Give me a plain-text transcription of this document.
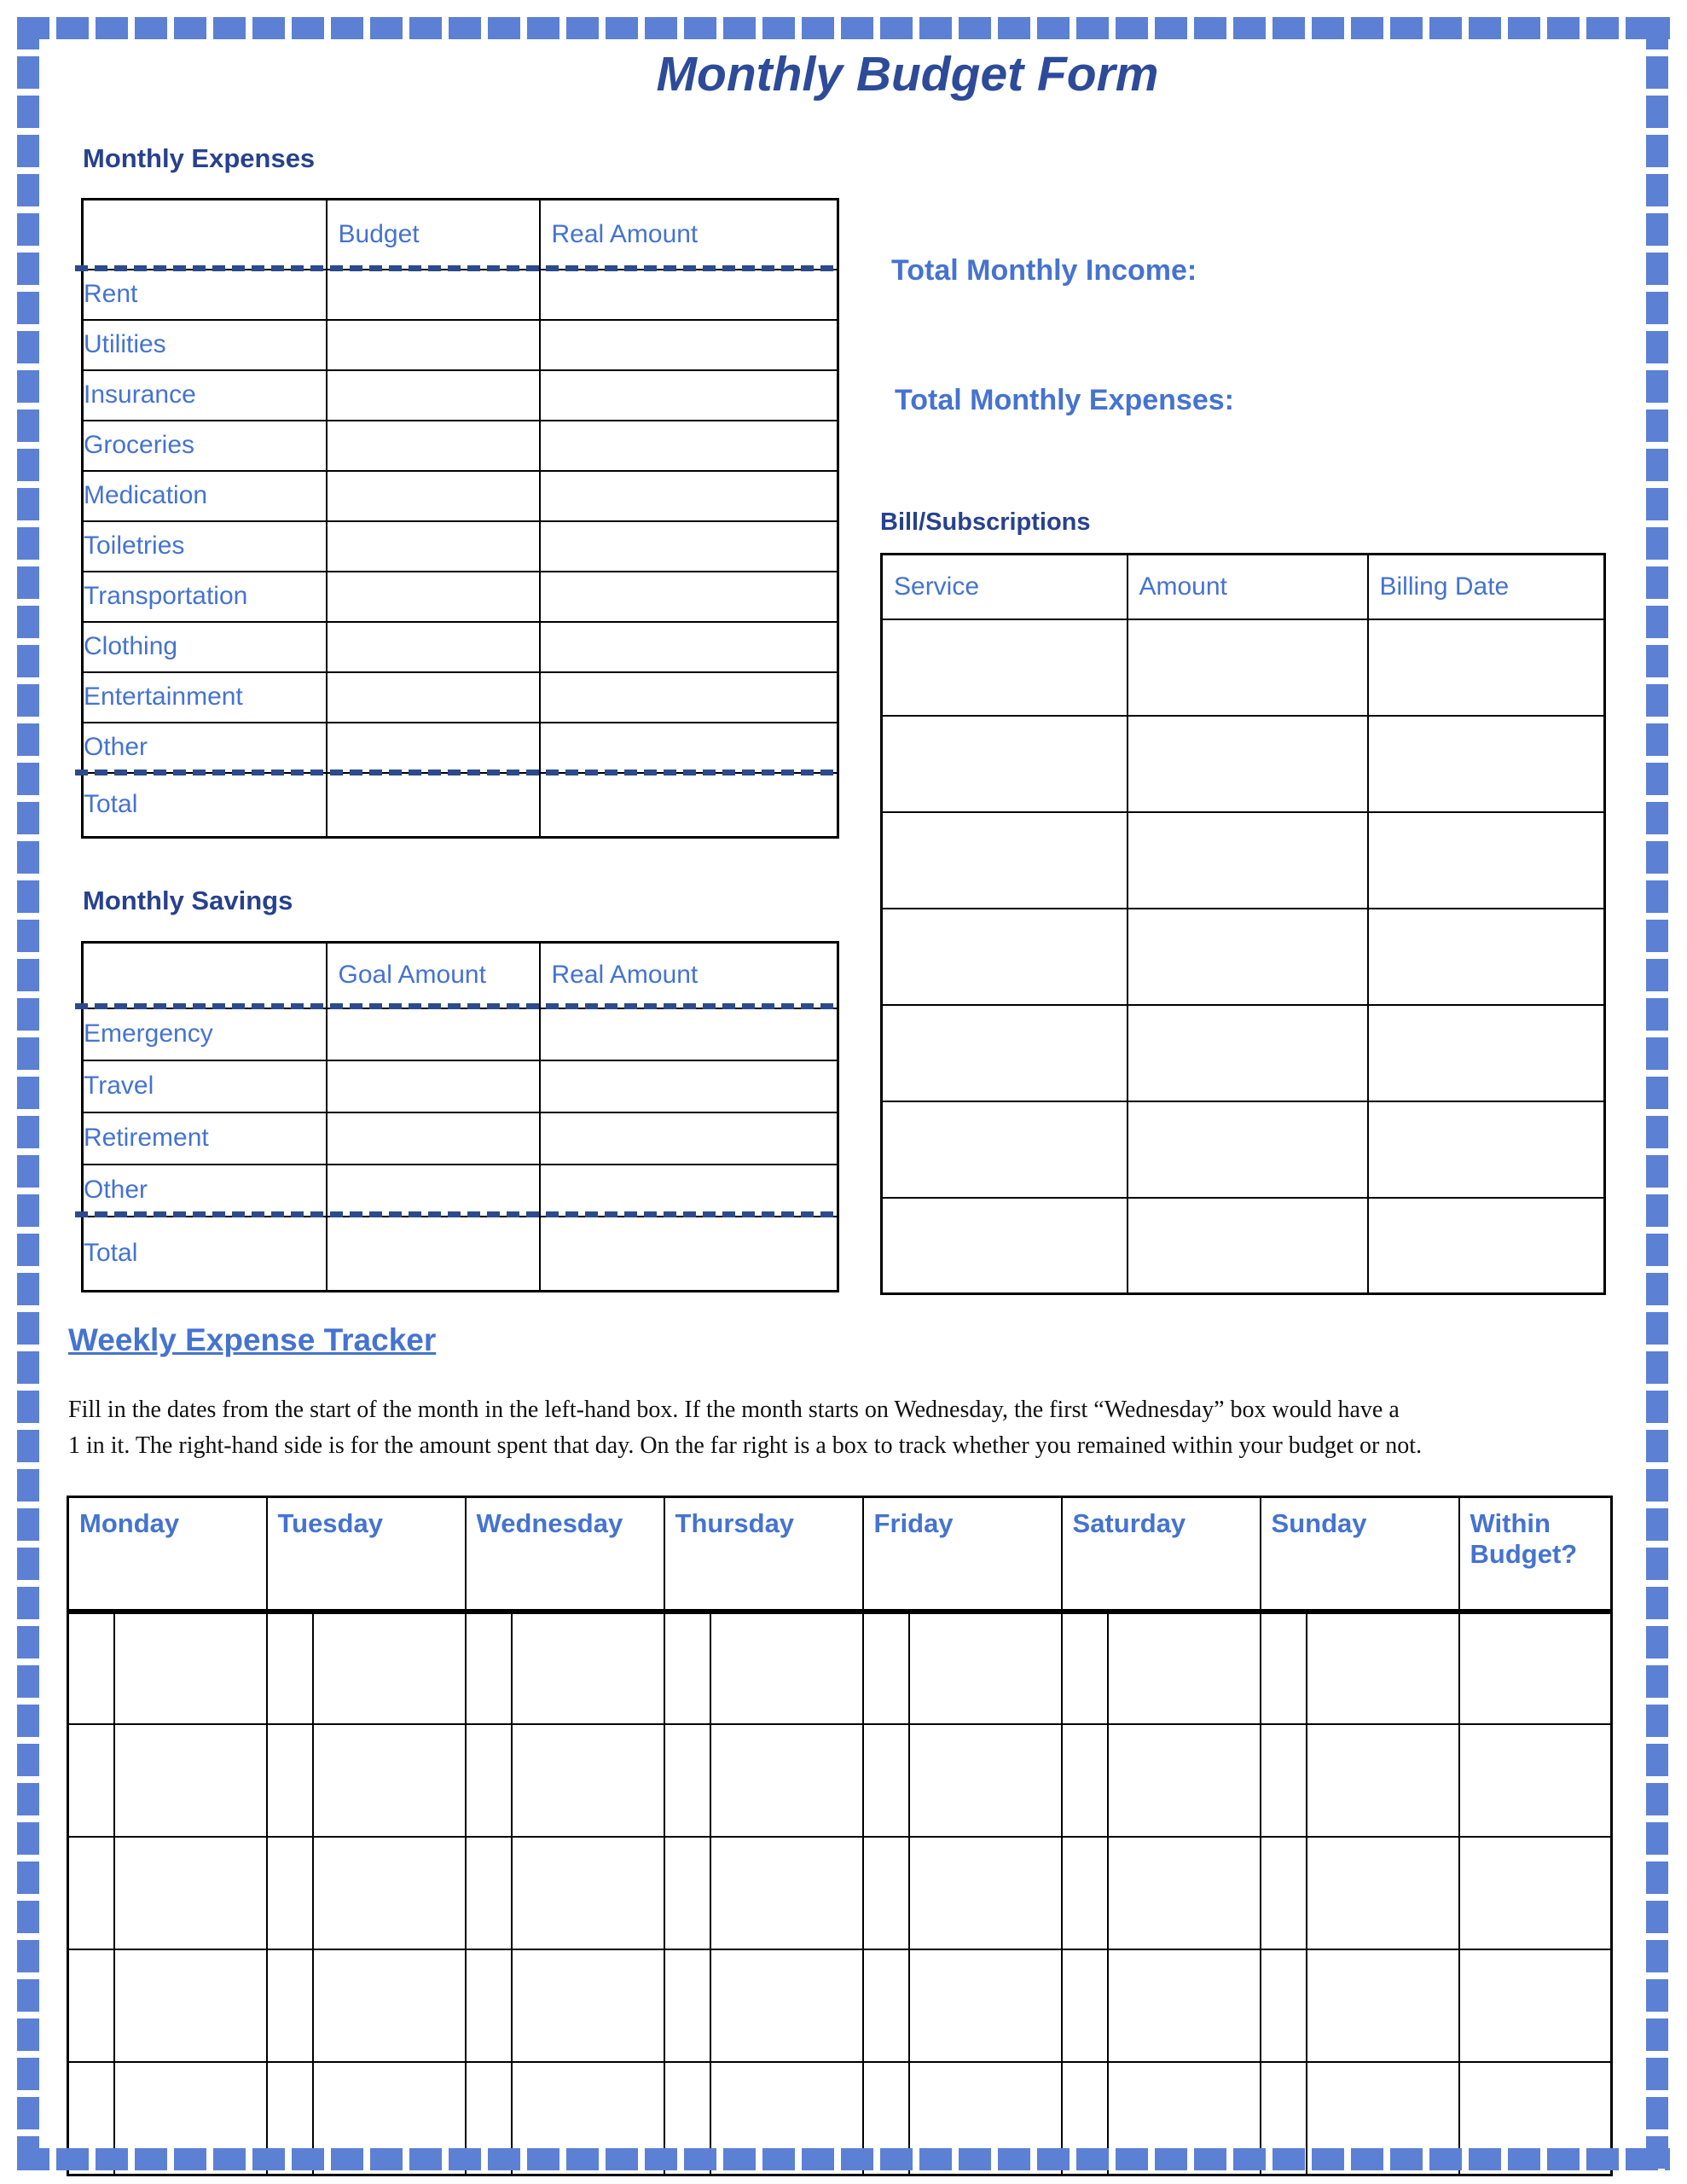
Monthly Budget Form
Monthly Expenses
Monthly Savings
Bill/Subscriptions
Total Monthly Income:
Total Monthly Expenses:
	Budget	Real Amount
Rent		
Utilities		
Insurance		
Groceries		
Medication		
Toiletries		
Transportation		
Clothing		
Entertainment		
Other		
Total		
	Goal Amount	Real Amount
Emergency		
Travel		
Retirement		
Other		
Total		
Service	Amount	Billing Date

Weekly Expense Tracker
Fill in the dates from the start of the month in the left-hand box. If the month starts on Wednesday, the first “Wednesday” box would have a
1 in it. The right-hand side is for the amount spent that day. On the far right is a box to track whether you remained within your budget or not.
Monday		Tuesday		Wednesday		Thursday		Friday		Saturday		Sunday		Within Budget?
